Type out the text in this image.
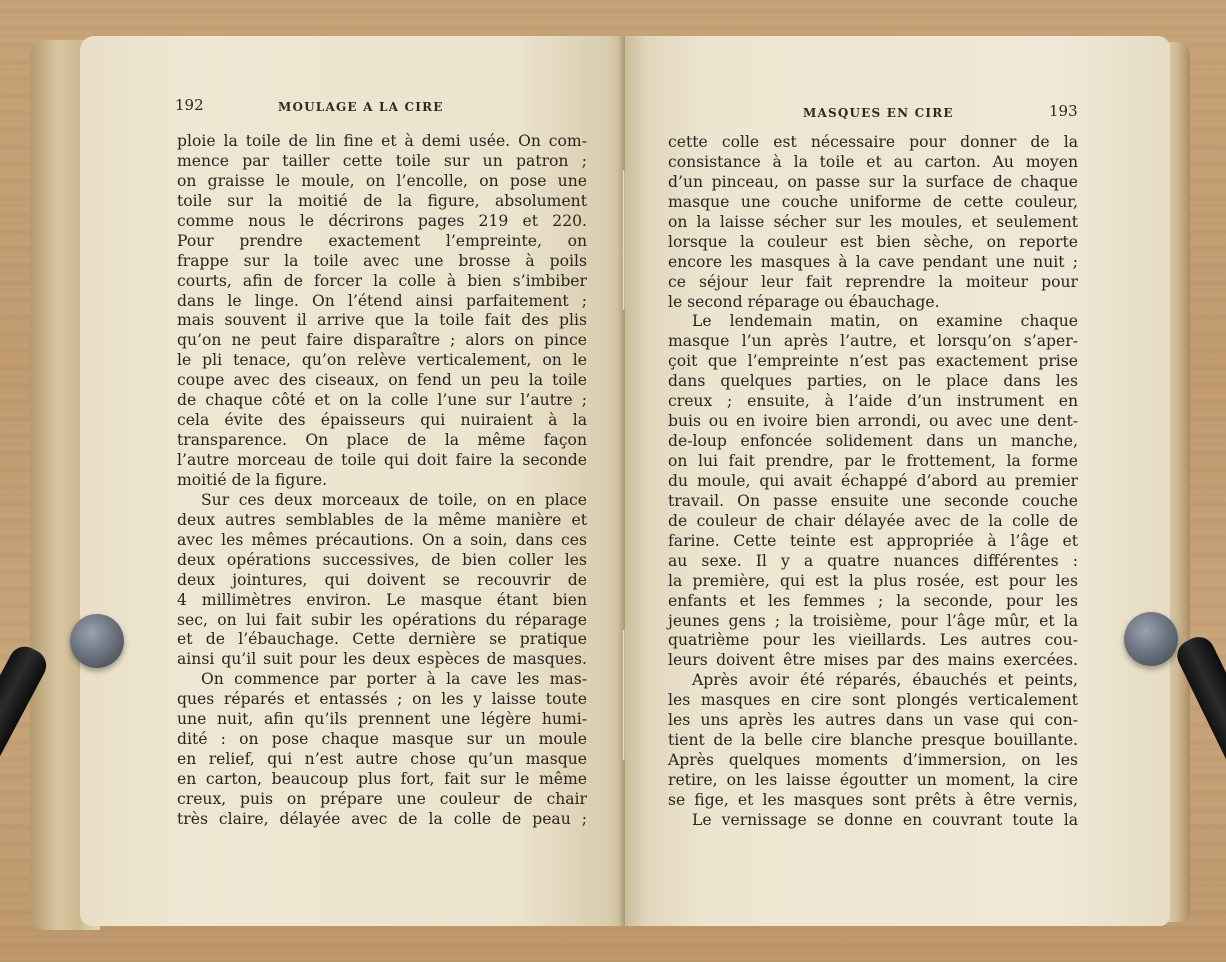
192	MOULAGE A LA CIRE
ploie la toile de lin fine et à demi usée. On com-
mence par tailler cette toile sur un patron ;
on graisse le moule, on l’encolle, on pose une
toile sur la moitié de la figure, absolument
comme nous le décrirons pages 219 et 220.
Pour prendre exactement l’empreinte, on
frappe sur la toile avec une brosse à poils
courts, afin de forcer la colle à bien s’imbiber
dans le linge. On l’étend ainsi parfaitement ;
mais souvent il arrive que la toile fait des plis
qu’on ne peut faire disparaître ; alors on pince
le pli tenace, qu’on relève verticalement, on le
coupe avec des ciseaux, on fend un peu la toile
de chaque côté et on la colle l’une sur l’autre ;
cela évite des épaisseurs qui nuiraient à la
transparence. On place de la même façon
l’autre morceau de toile qui doit faire la seconde
moitié de la figure.
Sur ces deux morceaux de toile, on en place
deux autres semblables de la même manière et
avec les mêmes précautions. On a soin, dans ces
deux opérations successives, de bien coller les
deux jointures, qui doivent se recouvrir de
4 millimètres environ. Le masque étant bien
sec, on lui fait subir les opérations du réparage
et de l’ébauchage. Cette dernière se pratique
ainsi qu’il suit pour les deux espèces de masques.
On commence par porter à la cave les mas-
ques réparés et entassés ; on les y laisse toute
une nuit, afin qu’ils prennent une légère humi-
dité : on pose chaque masque sur un moule
en relief, qui n’est autre chose qu’un masque
en carton, beaucoup plus fort, fait sur le même
creux, puis on prépare une couleur de chair
très claire, délayée avec de la colle de peau ;
MASQUES EN CIRE	193
cette colle est nécessaire pour donner de la
consistance à la toile et au carton. Au moyen
d’un pinceau, on passe sur la surface de chaque
masque une couche uniforme de cette couleur,
on la laisse sécher sur les moules, et seulement
lorsque la couleur est bien sèche, on reporte
encore les masques à la cave pendant une nuit ;
ce séjour leur fait reprendre la moiteur pour
le second réparage ou ébauchage.
Le lendemain matin, on examine chaque
masque l’un après l’autre, et lorsqu’on s’aper-
çoit que l’empreinte n’est pas exactement prise
dans quelques parties, on le place dans les
creux ; ensuite, à l’aide d’un instrument en
buis ou en ivoire bien arrondi, ou avec une dent-
de-loup enfoncée solidement dans un manche,
on lui fait prendre, par le frottement, la forme
du moule, qui avait échappé d’abord au premier
travail. On passe ensuite une seconde couche
de couleur de chair délayée avec de la colle de
farine. Cette teinte est appropriée à l’âge et
au sexe. Il y a quatre nuances différentes :
la première, qui est la plus rosée, est pour les
enfants et les femmes ; la seconde, pour les
jeunes gens ; la troisième, pour l’âge mûr, et la
quatrième pour les vieillards. Les autres cou-
leurs doivent être mises par des mains exercées.
Après avoir été réparés, ébauchés et peints,
les masques en cire sont plongés verticalement
les uns après les autres dans un vase qui con-
tient de la belle cire blanche presque bouillante.
Après quelques moments d’immersion, on les
retire, on les laisse égoutter un moment, la cire
se fige, et les masques sont prêts à être vernis,
Le vernissage se donne en couvrant toute la
